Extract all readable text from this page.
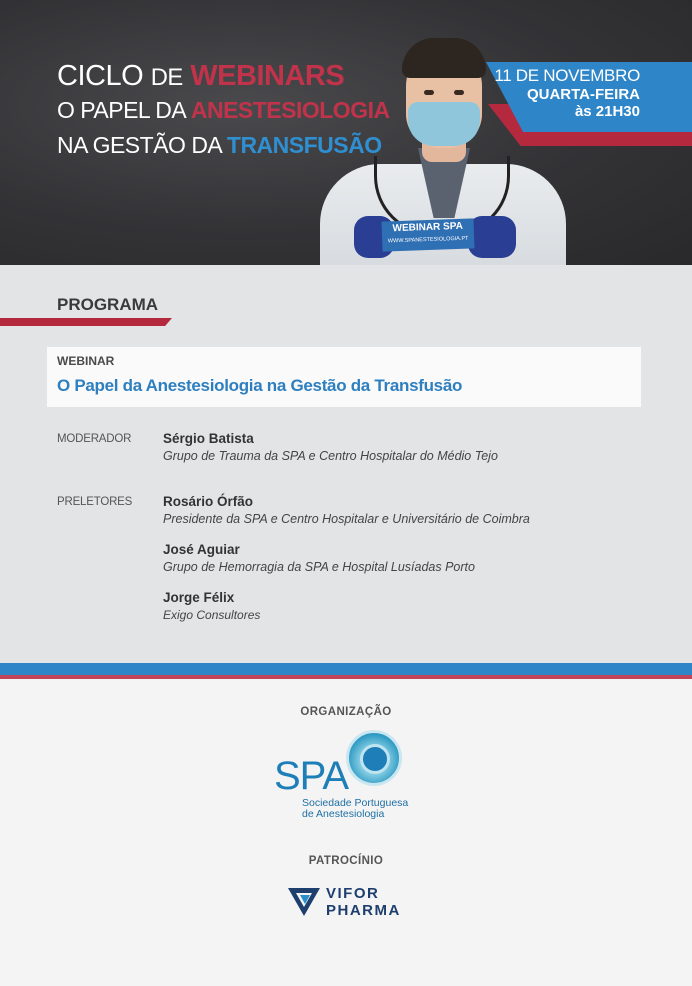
CICLO DE WEBINARS
O PAPEL DA ANESTESIOLOGIA
NA GESTÃO DA TRANSFUSÃO
WEBINAR SPA
WWW.SPANESTESIOLOGIA.PT
11 DE NOVEMBRO
QUARTA-FEIRA
às 21H30
PROGRAMA
WEBINAR
O Papel da Anestesiologia na Gestão da Transfusão
MODERADOR Sérgio Batista
Grupo de Trauma da SPA e Centro Hospitalar do Médio Tejo
PRELETORES Rosário Órfão
Presidente da SPA e Centro Hospitalar e Universitário de Coimbra
José Aguiar
Grupo de Hemorragia da SPA e Hospital Lusíadas Porto
Jorge Félix
Exigo Consultores
ORGANIZAÇÃO
SPA
Sociedade Portuguesa
de Anestesiologia
PATROCÍNIO
VIFOR
PHARMA
